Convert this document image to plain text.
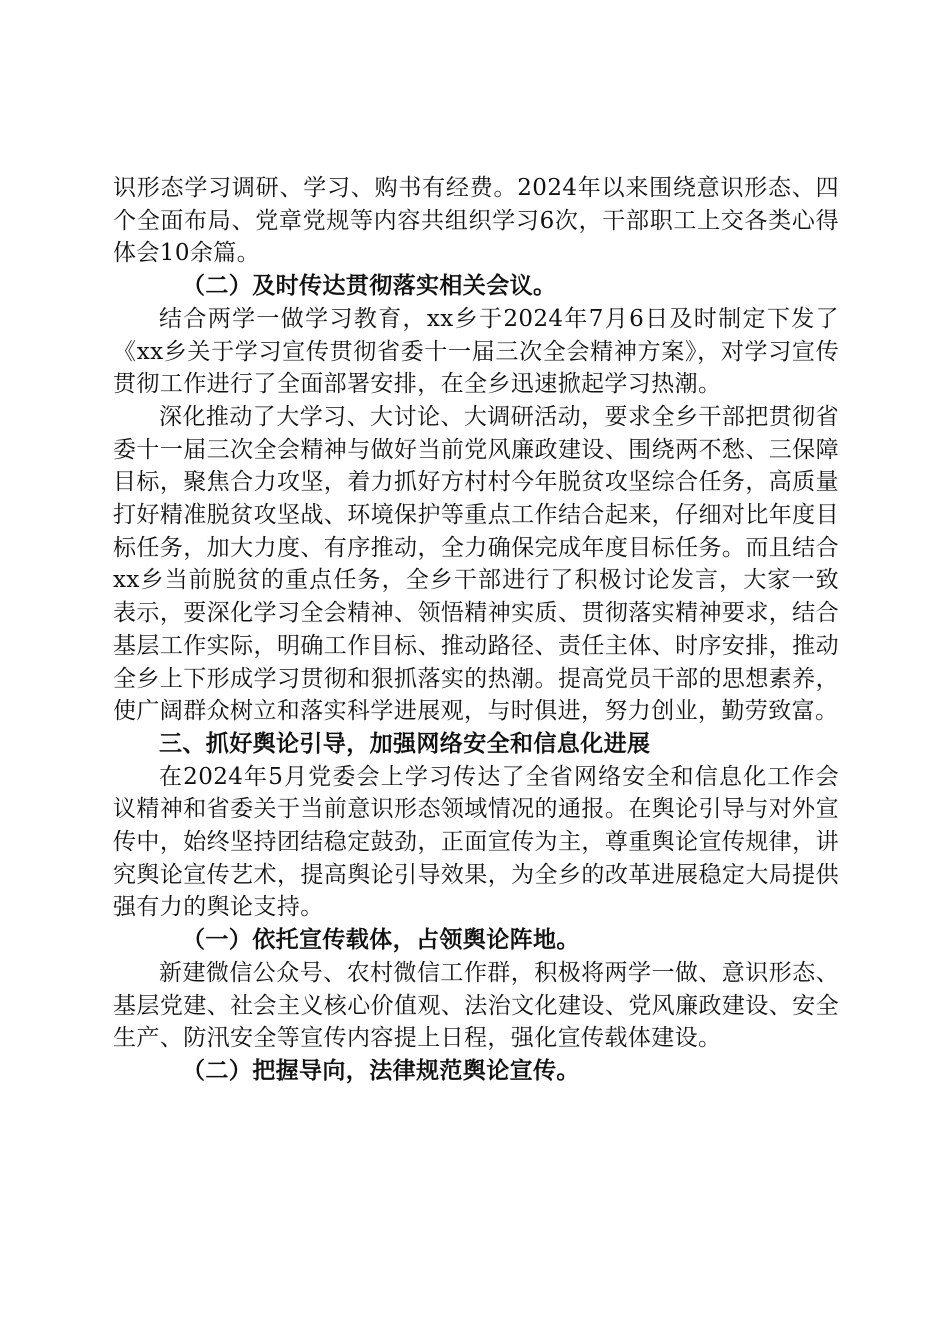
识形态学习调研、学习、购书有经费。2024年以来围绕意识形态、四个全面布局、党章党规等内容共组织学习6次，干部职工上交各类心得体会10余篇。

（二）及时传达贯彻落实相关会议。

结合两学一做学习教育，xx乡于2024年7月6日及时制定下发了《xx乡关于学习宣传贯彻省委十一届三次全会精神方案》，对学习宣传贯彻工作进行了全面部署安排，在全乡迅速掀起学习热潮。

深化推动了大学习、大讨论、大调研活动，要求全乡干部把贯彻省委十一届三次全会精神与做好当前党风廉政建设、围绕两不愁、三保障目标，聚焦合力攻坚，着力抓好方村村今年脱贫攻坚综合任务，高质量打好精准脱贫攻坚战、环境保护等重点工作结合起来，仔细对比年度目标任务，加大力度、有序推动，全力确保完成年度目标任务。而且结合xx乡当前脱贫的重点任务，全乡干部进行了积极讨论发言，大家一致表示，要深化学习全会精神、领悟精神实质、贯彻落实精神要求，结合基层工作实际，明确工作目标、推动路径、责任主体、时序安排，推动全乡上下形成学习贯彻和狠抓落实的热潮。提高党员干部的思想素养，使广阔群众树立和落实科学进展观，与时俱进，努力创业，勤劳致富。

三、抓好舆论引导，加强网络安全和信息化进展

在2024年5月党委会上学习传达了全省网络安全和信息化工作会议精神和省委关于当前意识形态领域情况的通报。在舆论引导与对外宣传中，始终坚持团结稳定鼓劲，正面宣传为主，尊重舆论宣传规律，讲究舆论宣传艺术，提高舆论引导效果，为全乡的改革进展稳定大局提供强有力的舆论支持。

（一）依托宣传载体，占领舆论阵地。

新建微信公众号、农村微信工作群，积极将两学一做、意识形态、基层党建、社会主义核心价值观、法治文化建设、党风廉政建设、安全生产、防汛安全等宣传内容提上日程，强化宣传载体建设。

（二）把握导向，法律规范舆论宣传。
